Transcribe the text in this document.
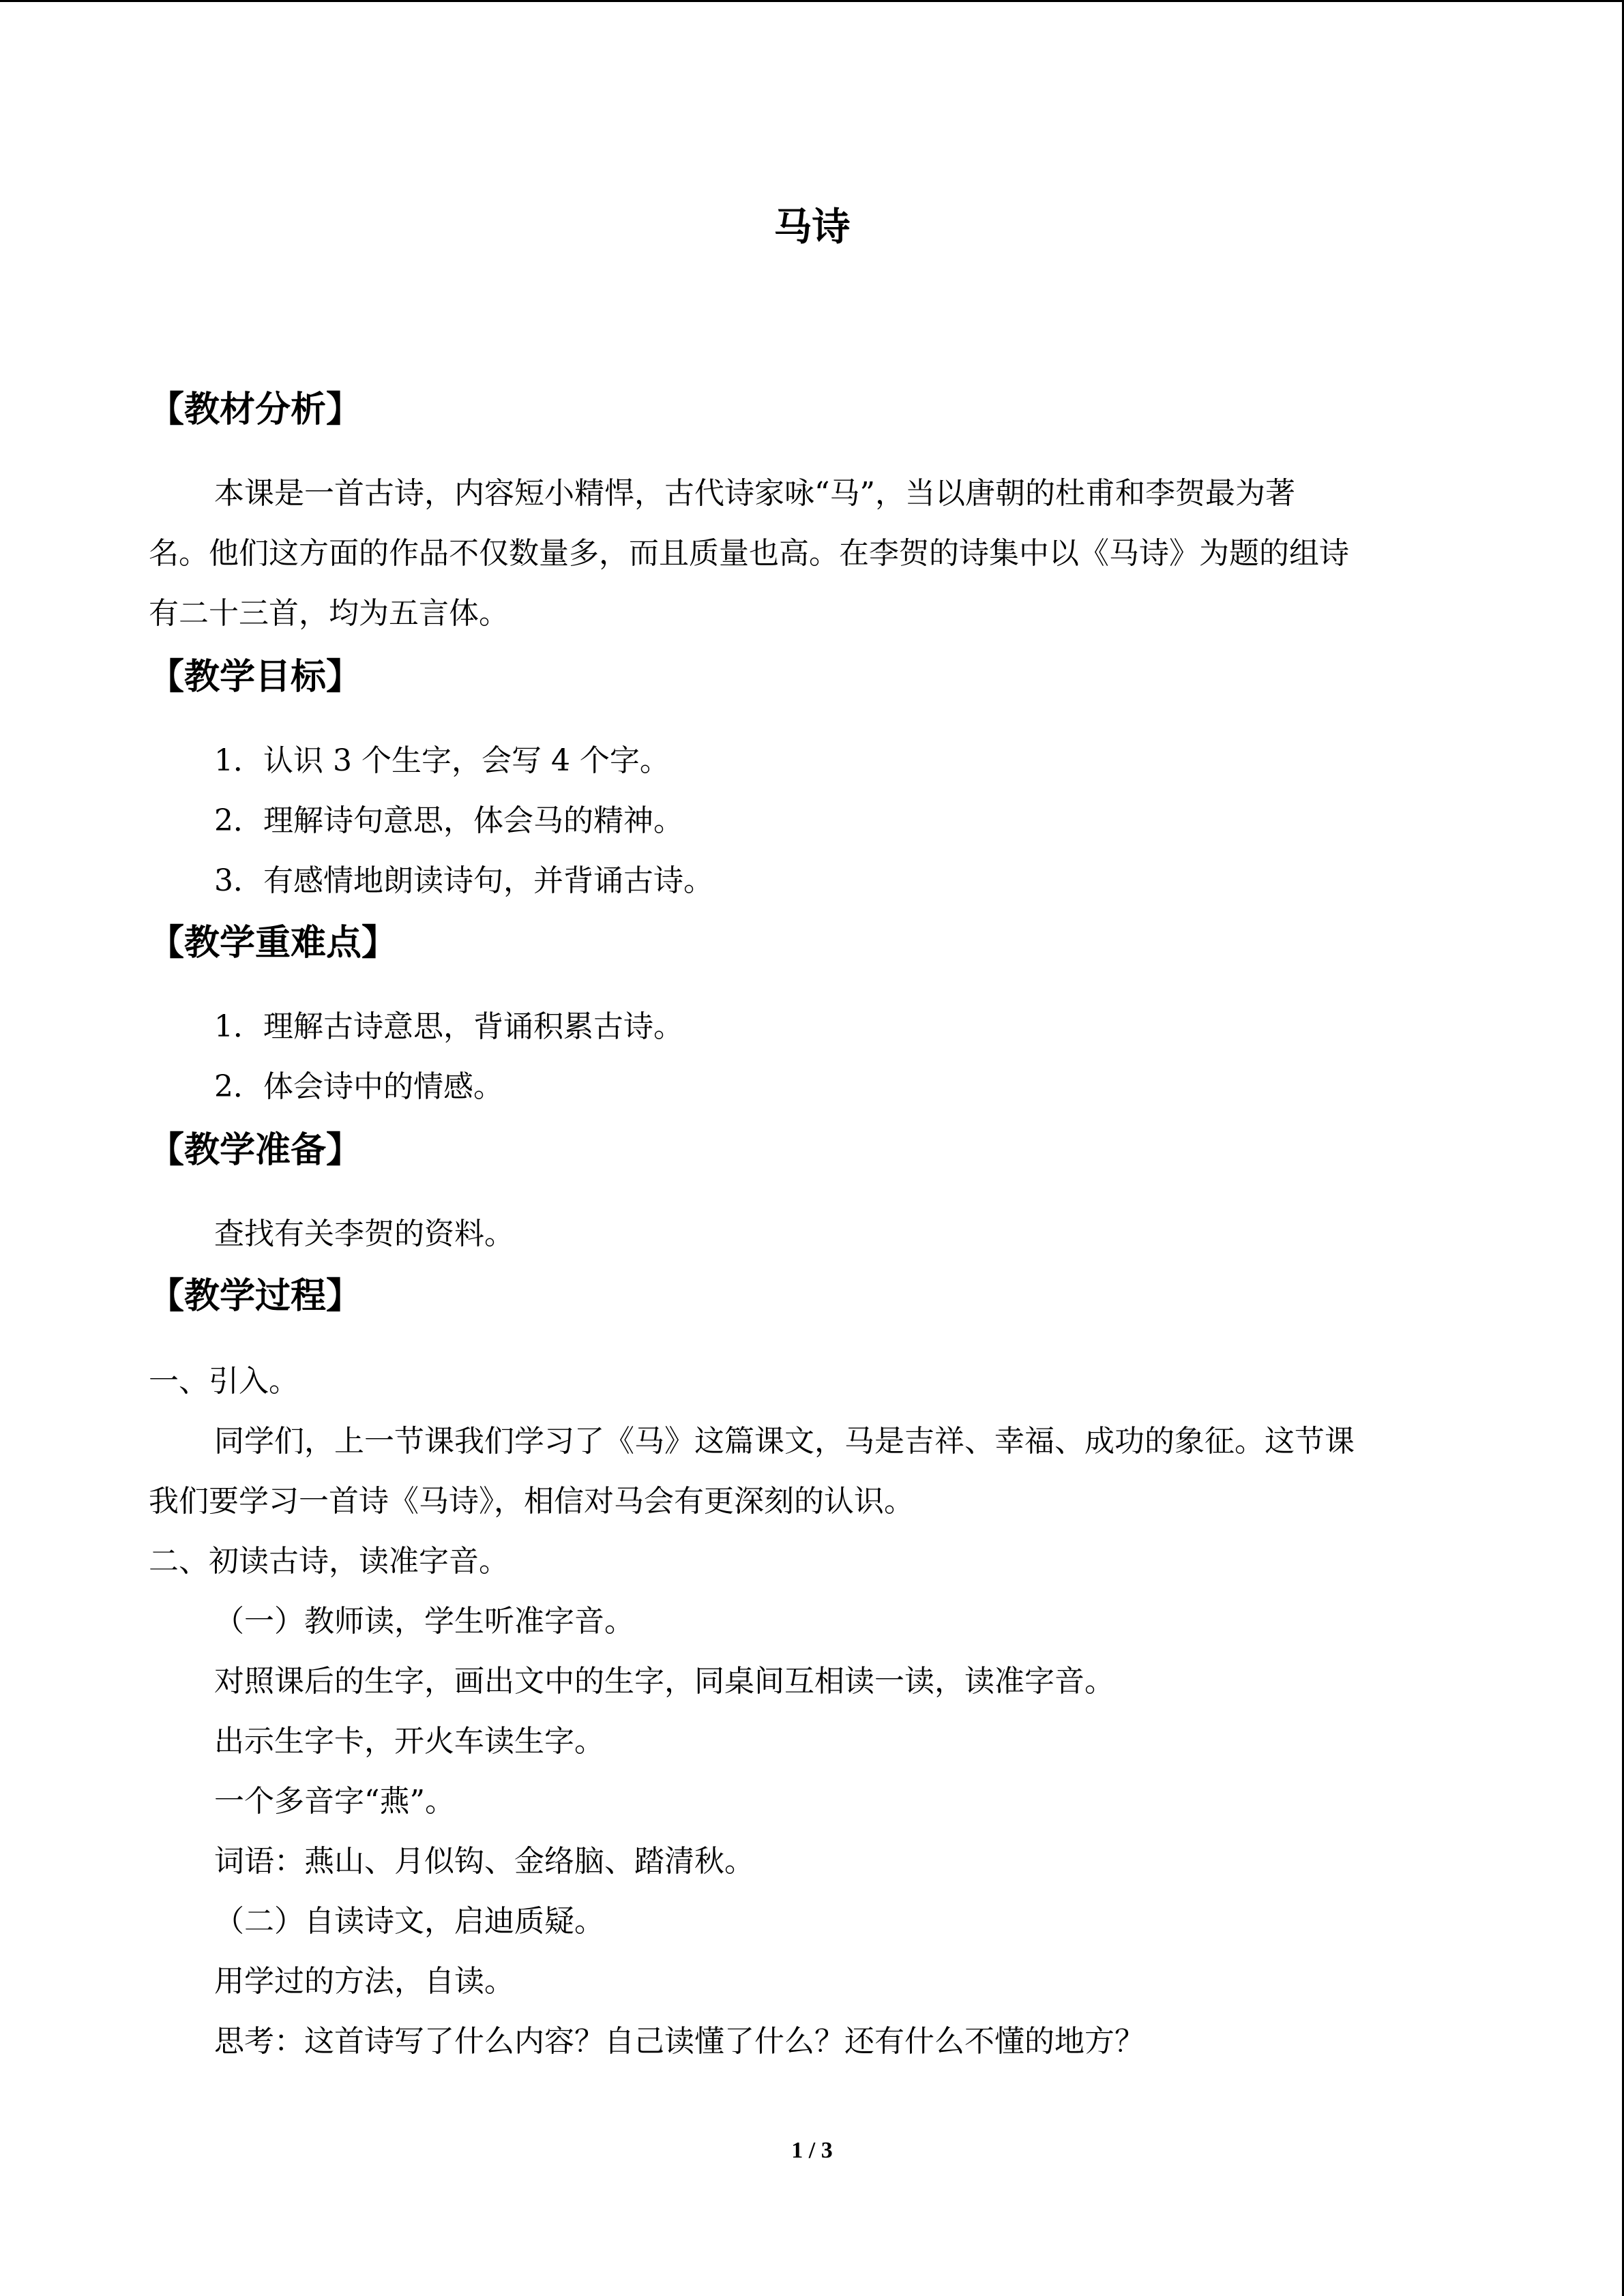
马诗
【教材分析】
本课是一首古诗，内容短小精悍，古代诗家咏“马”，当以唐朝的杜甫和李贺最为著
名。他们这方面的作品不仅数量多，而且质量也高。在李贺的诗集中以《马诗》为题的组诗
有二十三首，均为五言体。
【教学目标】
1．认识 3 个生字，会写 4 个字。
2．理解诗句意思，体会马的精神。
3．有感情地朗读诗句，并背诵古诗。
【教学重难点】
1．理解古诗意思，背诵积累古诗。
2．体会诗中的情感。
【教学准备】
查找有关李贺的资料。
【教学过程】
一、引入。
同学们，上一节课我们学习了《马》这篇课文，马是吉祥、幸福、成功的象征。这节课
我们要学习一首诗《马诗》，相信对马会有更深刻的认识。
二、初读古诗，读准字音。
（一）教师读，学生听准字音。
对照课后的生字，画出文中的生字，同桌间互相读一读，读准字音。
出示生字卡，开火车读生字。
一个多音字“燕”。
词语：燕山、月似钩、金络脑、踏清秋。
（二）自读诗文，启迪质疑。
用学过的方法，自读。
思考：这首诗写了什么内容？自己读懂了什么？还有什么不懂的地方？
1 / 3
